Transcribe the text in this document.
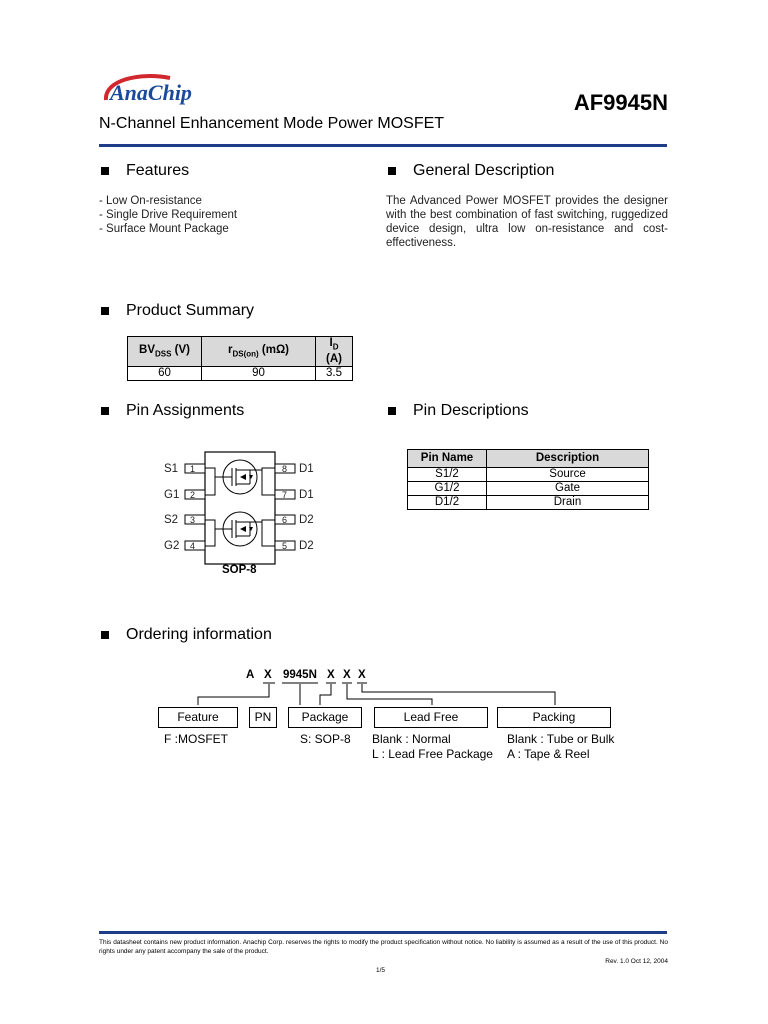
AnaChip	AF9945N
N-Channel Enhancement Mode Power MOSFET
Features
- Low On-resistance
- Single Drive Requirement
- Surface Mount Package
General Description
The Advanced Power MOSFET provides the designer with the best combination of fast switching, ruggedized device design, ultra low on-resistance and cost-effectiveness.
Product Summary
$BV_{DSS}$ (V)	$r_{DS(on)}$ (mΩ)	$I_D$ (A)
60	90	3.5
Pin Assignments
S1 1
G1 2
S2 3
G2 4
8 D1
7 D1
6 D2
5 D2
SOP-8
Pin Descriptions
Pin Name	Description
S1/2	Source
G1/2	Gate
D1/2	Drain
Ordering information
A X 9945N X X X
Feature	PN	Package	Lead Free	Packing
F :MOSFET	S: SOP-8 Blank : Normal
L : Lead Free Package
Blank : Tube or Bulk
A : Tape & Reel
This datasheet contains new product information. Anachip Corp. reserves the rights to modify the product specification without notice. No liability is assumed as a result of the use of this product. No rights under any patent accompany the sale of the product.
Rev. 1.0 Oct 12, 2004
1/5
